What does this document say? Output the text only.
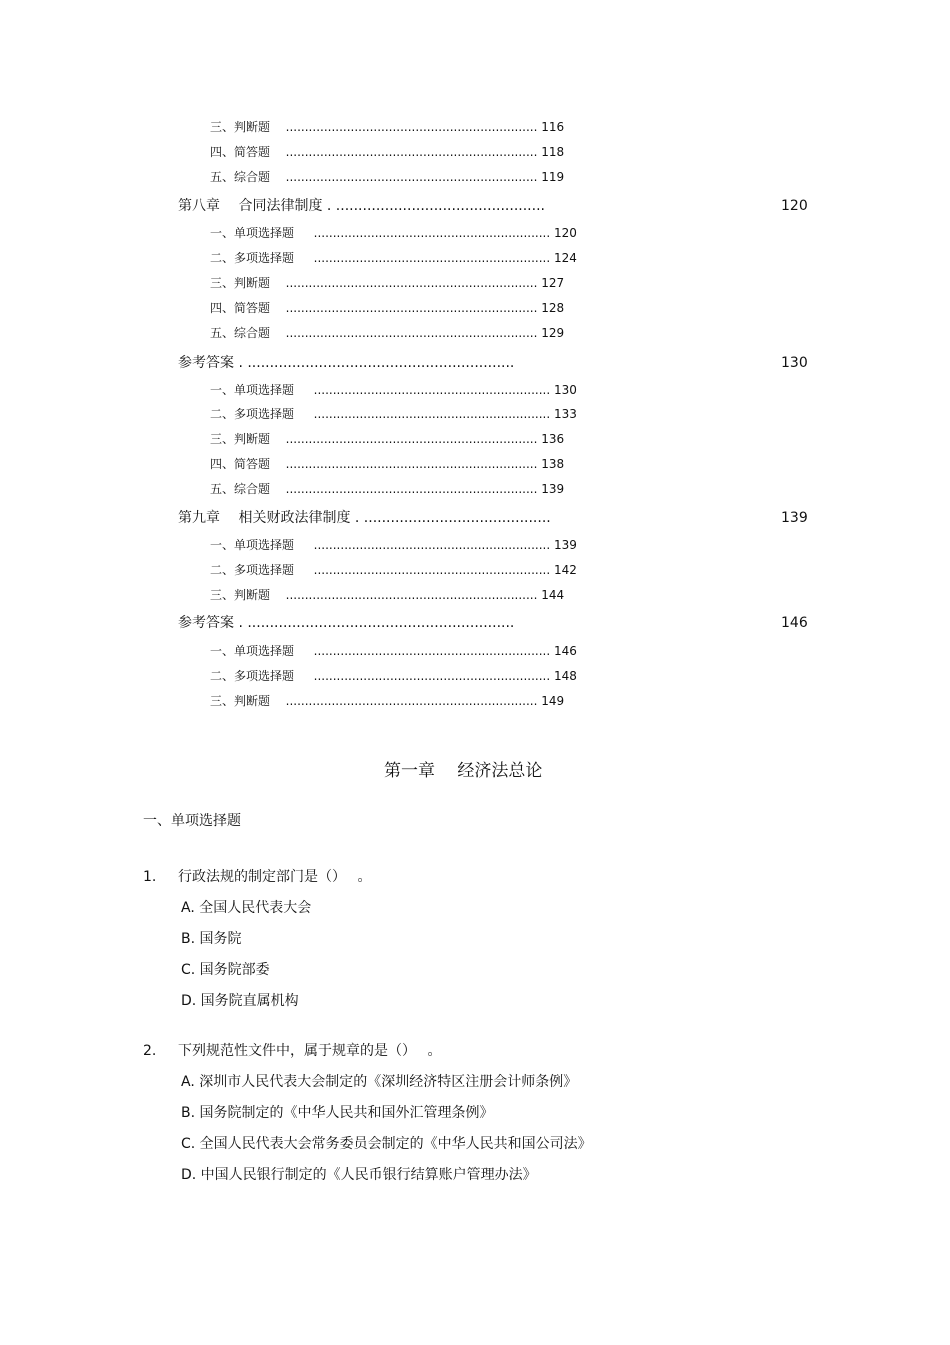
三、判断题 .................................................................. 116
四、简答题 .................................................................. 118
五、综合题 .................................................................. 119
第八章　 合同法律制度 . ...............................................	120
一、单项选择题 .............................................................. 120
二、多项选择题 .............................................................. 124
三、判断题 .................................................................. 127
四、简答题 .................................................................. 128
五、综合题 .................................................................. 129
参考答案 . ............................................................	130
一、单项选择题 .............................................................. 130
二、多项选择题 .............................................................. 133
三、判断题 .................................................................. 136
四、简答题 .................................................................. 138
五、综合题 .................................................................. 139
第九章　 相关财政法律制度 . ..........................................	139
一、单项选择题 .............................................................. 139
二、多项选择题 .............................................................. 142
三、判断题 .................................................................. 144
参考答案 . ............................................................	146
一、单项选择题 .............................................................. 146
二、多项选择题 .............................................................. 148
三、判断题 .................................................................. 149
第一章　 经济法总论
一、单项选择题
1. 行政法规的制定部门是（）　 。
A. 全国人民代表大会
B. 国务院
C. 国务院部委
D. 国务院直属机构
2. 下列规范性文件中，属于规章的是（）　 。
A. 深圳市人民代表大会制定的《深圳经济特区注册会计师条例》
B. 国务院制定的《中华人民共和国外汇管理条例》
C. 全国人民代表大会常务委员会制定的《中华人民共和国公司法》
D. 中国人民银行制定的《人民币银行结算账户管理办法》
